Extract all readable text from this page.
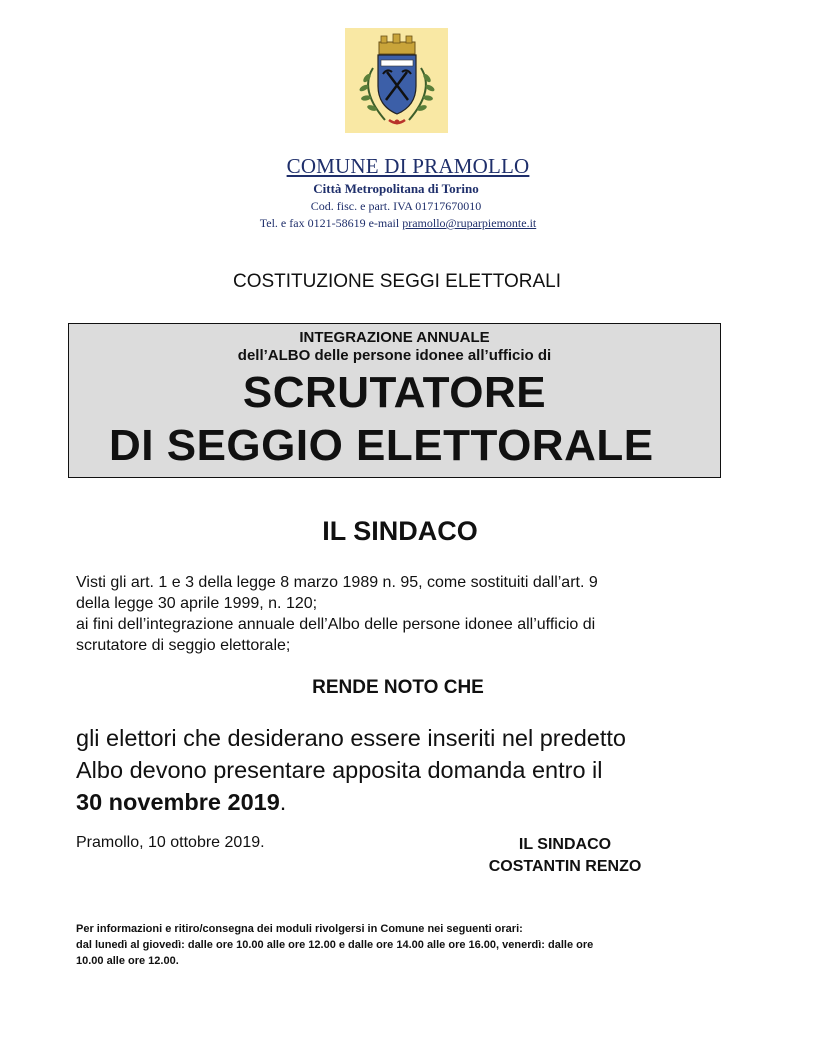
COMUNE DI PRAMOLLO
Città Metropolitana di Torino
Cod. fisc. e part. IVA 01717670010
Tel. e fax 0121-58619 e-mail pramollo@ruparpiemonte.it
COSTITUZIONE SEGGI ELETTORALI
INTEGRAZIONE ANNUALE
dell’ALBO delle persone idonee all’ufficio di
SCRUTATORE
DI SEGGIO ELETTORALE
IL SINDACO
Visti gli art. 1 e 3 della legge 8 marzo 1989 n. 95, come sostituiti dall’art. 9
della legge 30 aprile 1999, n. 120;
ai fini dell’integrazione annuale dell’Albo delle persone idonee all’ufficio di
scrutatore di seggio elettorale;
RENDE NOTO CHE
gli elettori che desiderano essere inseriti nel predetto
Albo devono presentare apposita domanda entro il
30 novembre 2019.
Pramollo, 10 ottobre 2019.	IL SINDACO
COSTANTIN RENZO
Per informazioni e ritiro/consegna dei moduli rivolgersi in Comune nei seguenti orari:
dal lunedì al giovedì: dalle ore 10.00 alle ore 12.00 e dalle ore 14.00 alle ore 16.00, venerdì: dalle ore
10.00 alle ore 12.00.
